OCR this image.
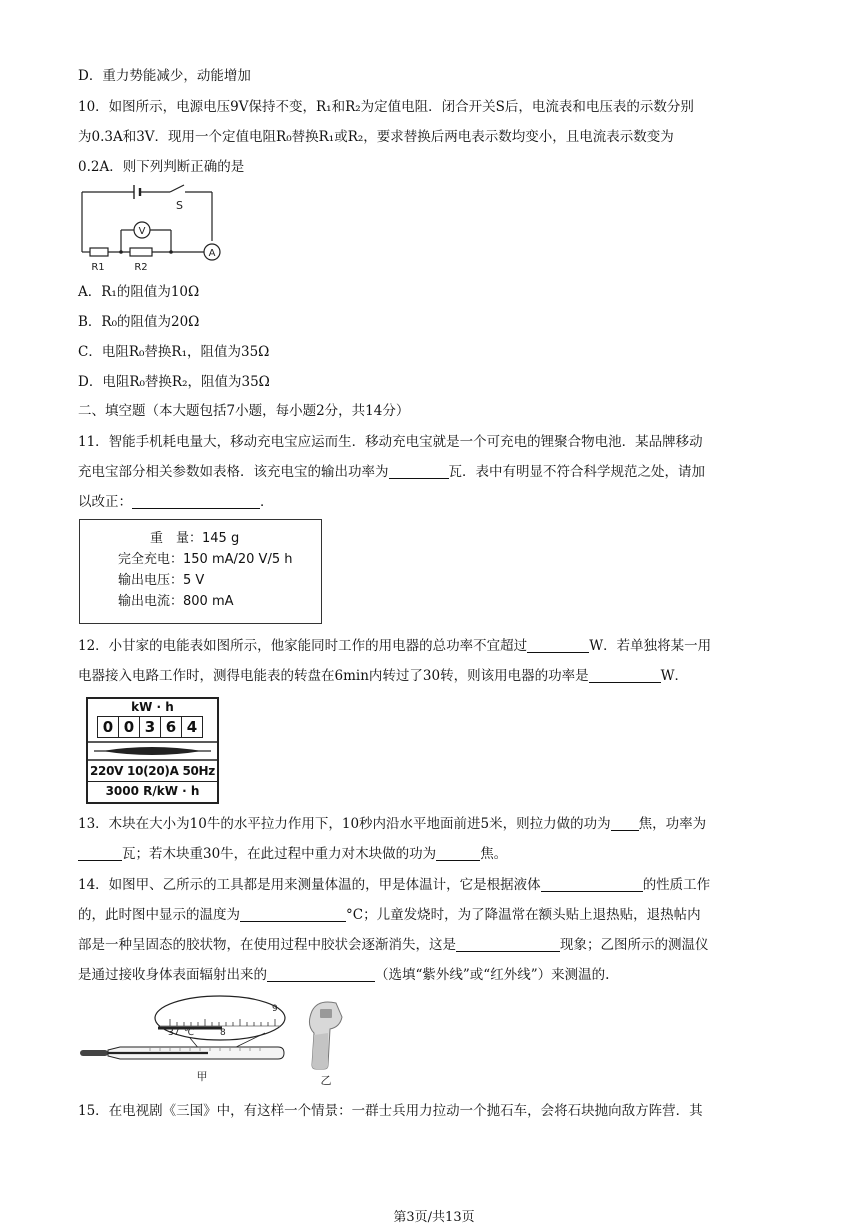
D．重力势能减少，动能增加
10．如图所示，电源电压9V保持不变，R₁和R₂为定值电阻．闭合开关S后，电流表和电压表的示数分别
为0.3A和3V．现用一个定值电阻R₀替换R₁或R₂，要求替换后两电表示数均变小，且电流表示数变为
0.2A．则下列判断正确的是
S
V
A
R1	R2
A．R₁的阻值为10Ω
B．R₀的阻值为20Ω
C．电阻R₀替换R₁，阻值为35Ω
D．电阻R₀替换R₂，阻值为35Ω
二、填空题（本大题包括7小题，每小题2分，共14分）
11．智能手机耗电量大，移动充电宝应运而生．移动充电宝就是一个可充电的锂聚合物电池．某品牌移动
充电宝部分相关参数如表格．该充电宝的输出功率为	瓦．表中有明显不符合科学规范之处，请加
以改正：	．
重　量：145 g
完全充电：150 mA/20 V/5 h
输出电压：5 V
输出电流：800 mA
12．小甘家的电能表如图所示，他家能同时工作的用电器的总功率不宜超过	W．若单独将某一用
电器接入电路工作时，测得电能表的转盘在6min内转过了30转，则该用电器的功率是	W．
kW · h
0 0 3 6 4
220V 10(20)A 50Hz
3000 R/kW · h
13．木块在大小为10牛的水平拉力作用下，10秒内沿水平地面前进5米，则拉力做的功为 焦，功率为
瓦；若木块重30牛，在此过程中重力对木块做的功为	焦。
14．如图甲、乙所示的工具都是用来测量体温的，甲是体温计，它是根据液体	的性质工作
的，此时图中显示的温度为	°C；儿童发烧时，为了降温常在额头贴上退热贴，退热帖内
部是一种呈固态的胶状物，在使用过程中胶状会逐渐消失，这是	现象；乙图所示的测温仪
是通过接收身体表面辐射出来的	（选填“紫外线”或“红外线”）来测温的.
37 ℃	8
9
甲	乙
15．在电视剧《三国》中，有这样一个情景：一群士兵用力拉动一个抛石车，会将石块抛向敌方阵营．其
第3页/共13页
